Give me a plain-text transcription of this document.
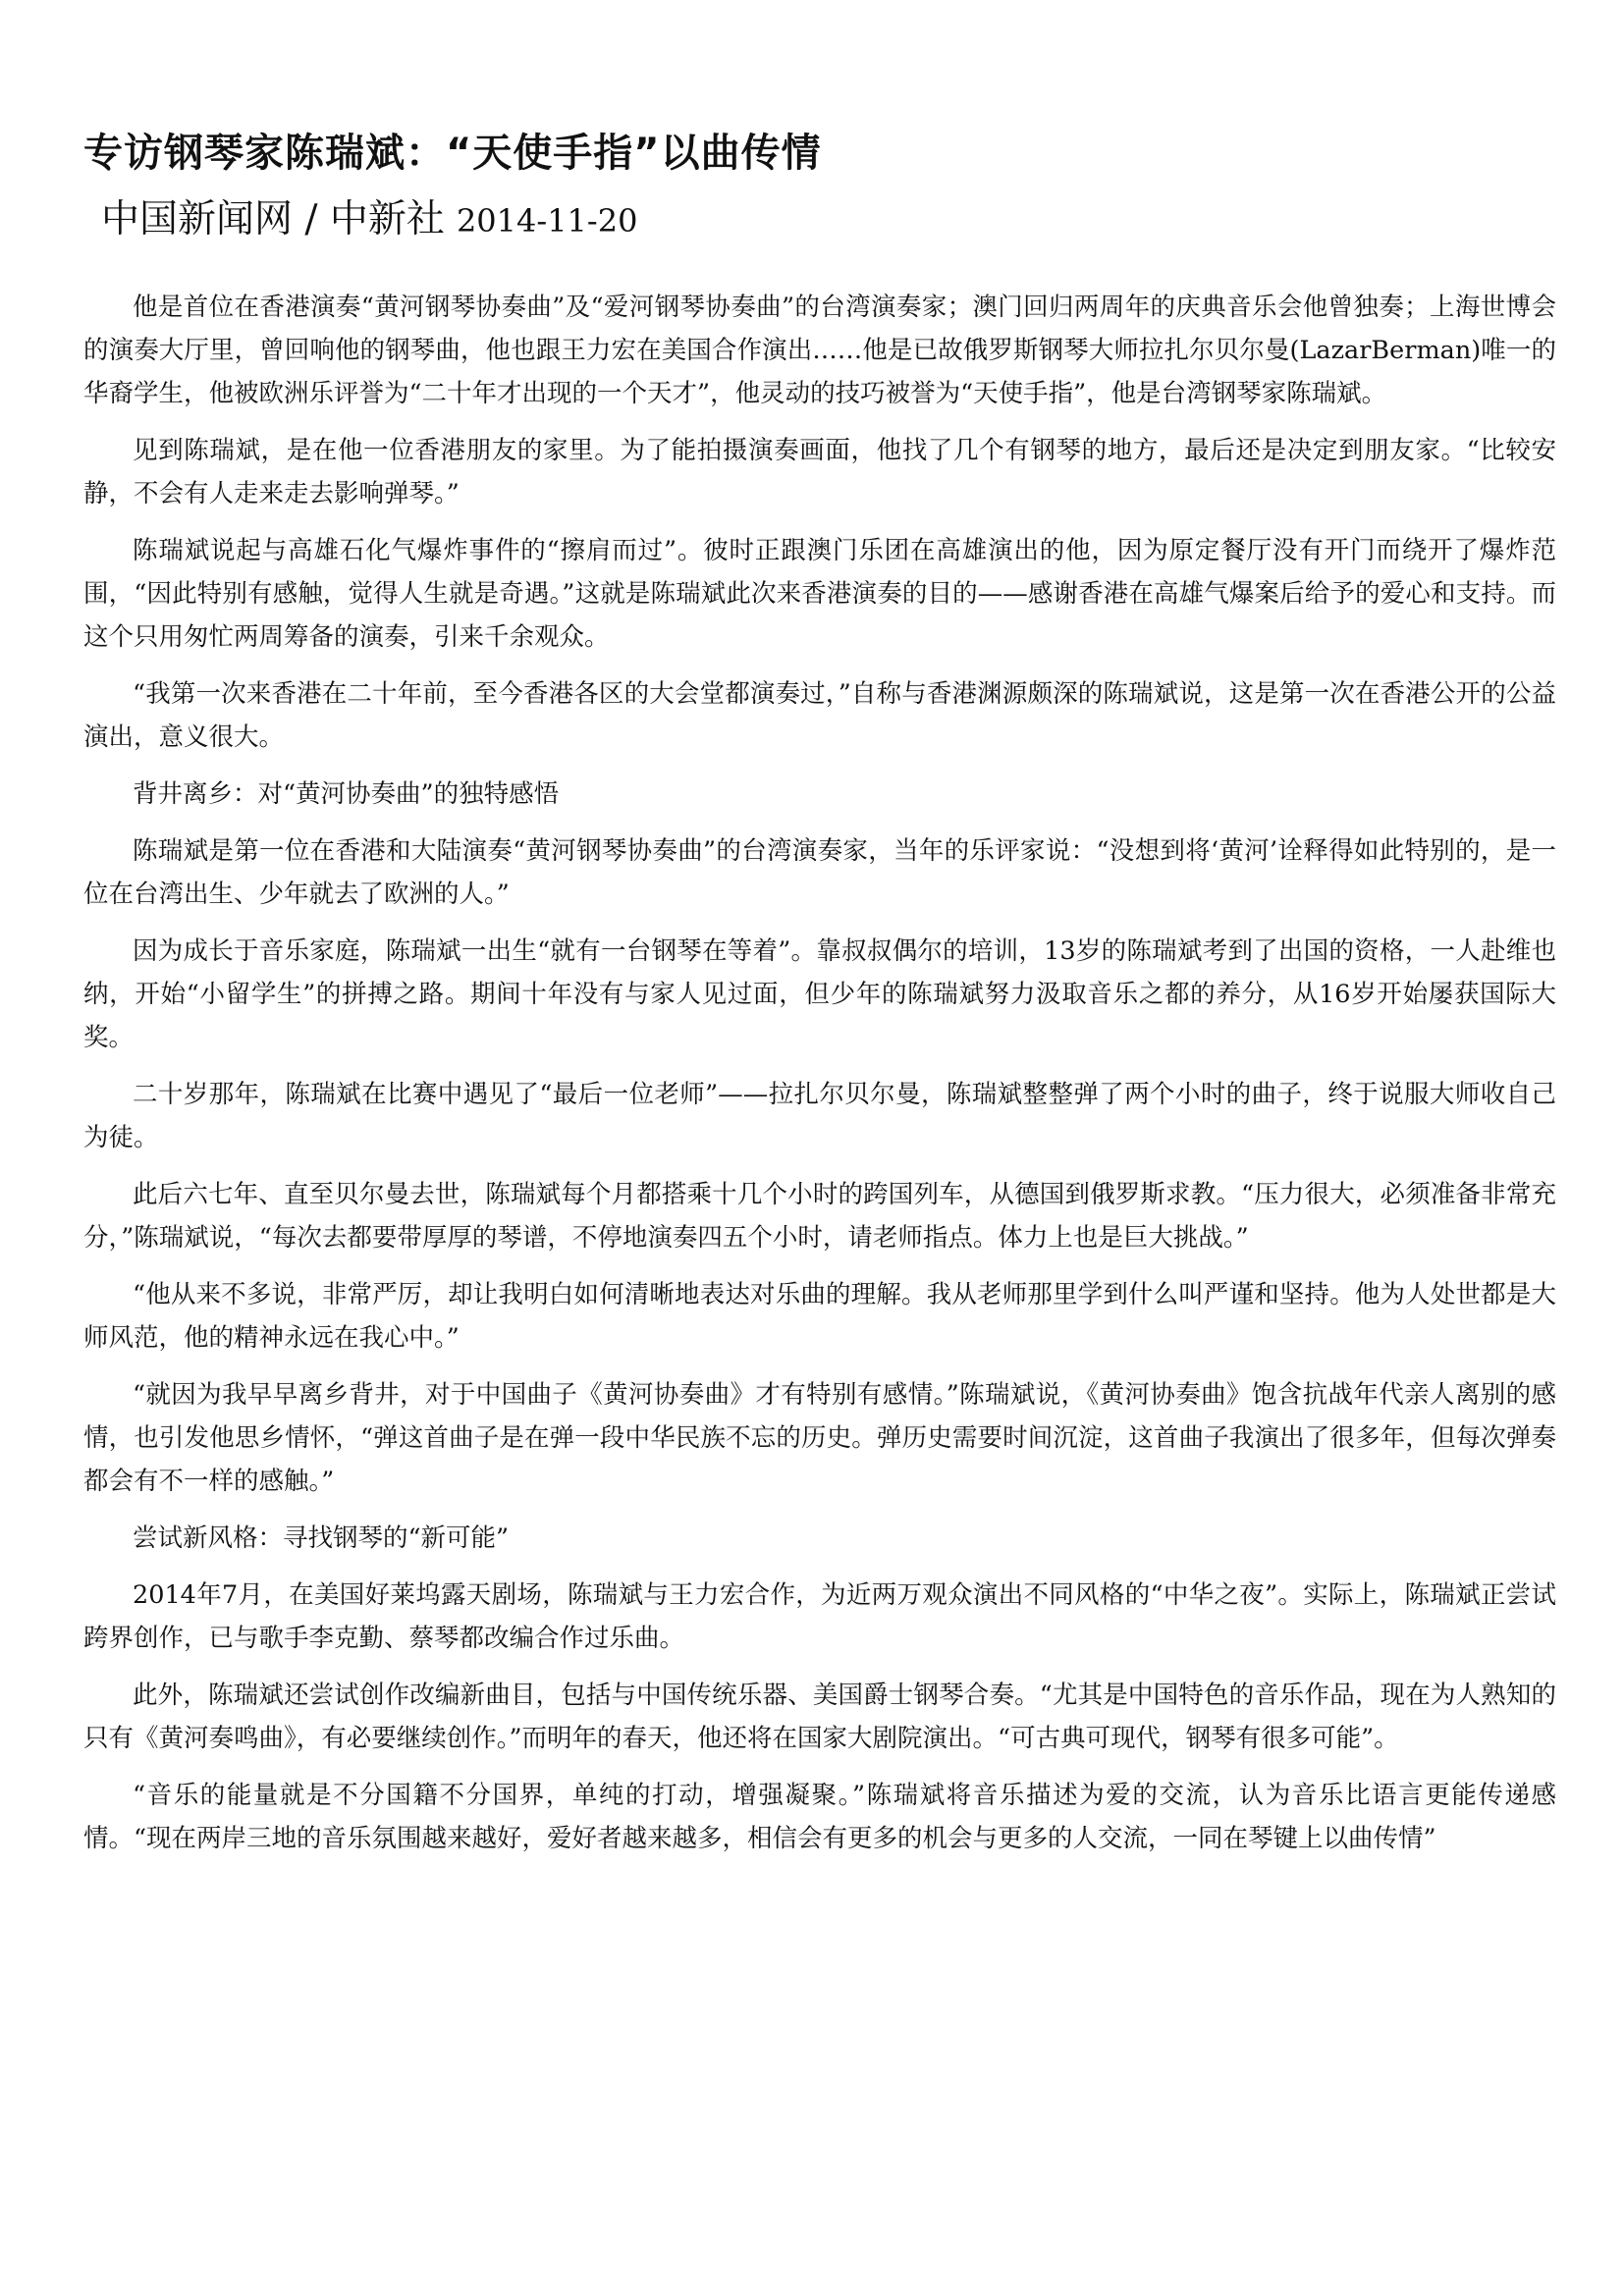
专访钢琴家陈瑞斌：“天使手指”以曲传情
中国新闻网 / 中新社 2014-11-20

他是首位在香港演奏“黄河钢琴协奏曲”及“爱河钢琴协奏曲”的台湾演奏家；澳门回归两周年的庆典音乐会他曾独奏；上海世博会的演奏大厅里，曾回响他的钢琴曲，他也跟王力宏在美国合作演出……他是已故俄罗斯钢琴大师拉扎尔贝尔曼(LazarBerman)唯一的华裔学生，他被欧洲乐评誉为“二十年才出现的一个天才”，他灵动的技巧被誉为“天使手指”，他是台湾钢琴家陈瑞斌。

见到陈瑞斌，是在他一位香港朋友的家里。为了能拍摄演奏画面，他找了几个有钢琴的地方，最后还是决定到朋友家。“比较安静，不会有人走来走去影响弹琴。”

陈瑞斌说起与高雄石化气爆炸事件的“擦肩而过”。彼时正跟澳门乐团在高雄演出的他，因为原定餐厅没有开门而绕开了爆炸范围，“因此特别有感触，觉得人生就是奇遇。”这就是陈瑞斌此次来香港演奏的目的——感谢香港在高雄气爆案后给予的爱心和支持。而这个只用匆忙两周筹备的演奏，引来千余观众。

“我第一次来香港在二十年前，至今香港各区的大会堂都演奏过，”自称与香港渊源颇深的陈瑞斌说，这是第一次在香港公开的公益演出，意义很大。

背井离乡：对“黄河协奏曲”的独特感悟

陈瑞斌是第一位在香港和大陆演奏“黄河钢琴协奏曲”的台湾演奏家，当年的乐评家说：“没想到将‘黄河’诠释得如此特别的，是一位在台湾出生、少年就去了欧洲的人。”

因为成长于音乐家庭，陈瑞斌一出生“就有一台钢琴在等着”。靠叔叔偶尔的培训，13岁的陈瑞斌考到了出国的资格，一人赴维也纳，开始“小留学生”的拼搏之路。期间十年没有与家人见过面，但少年的陈瑞斌努力汲取音乐之都的养分，从16岁开始屡获国际大奖。

二十岁那年，陈瑞斌在比赛中遇见了“最后一位老师”——拉扎尔贝尔曼，陈瑞斌整整弹了两个小时的曲子，终于说服大师收自己为徒。

此后六七年、直至贝尔曼去世，陈瑞斌每个月都搭乘十几个小时的跨国列车，从德国到俄罗斯求教。“压力很大，必须准备非常充分，”陈瑞斌说，“每次去都要带厚厚的琴谱，不停地演奏四五个小时，请老师指点。体力上也是巨大挑战。”

“他从来不多说，非常严厉，却让我明白如何清晰地表达对乐曲的理解。我从老师那里学到什么叫严谨和坚持。他为人处世都是大师风范，他的精神永远在我心中。”

“就因为我早早离乡背井，对于中国曲子《黄河协奏曲》才有特别有感情。”陈瑞斌说，《黄河协奏曲》饱含抗战年代亲人离别的感情，也引发他思乡情怀，“弹这首曲子是在弹一段中华民族不忘的历史。弹历史需要时间沉淀，这首曲子我演出了很多年，但每次弹奏都会有不一样的感触。”

尝试新风格：寻找钢琴的“新可能”

2014年7月，在美国好莱坞露天剧场，陈瑞斌与王力宏合作，为近两万观众演出不同风格的“中华之夜”。实际上，陈瑞斌正尝试跨界创作，已与歌手李克勤、蔡琴都改编合作过乐曲。

此外，陈瑞斌还尝试创作改编新曲目，包括与中国传统乐器、美国爵士钢琴合奏。“尤其是中国特色的音乐作品，现在为人熟知的只有《黄河奏鸣曲》，有必要继续创作。”而明年的春天，他还将在国家大剧院演出。“可古典可现代，钢琴有很多可能”。

“音乐的能量就是不分国籍不分国界，单纯的打动，增强凝聚。”陈瑞斌将音乐描述为爱的交流，认为音乐比语言更能传递感情。“现在两岸三地的音乐氛围越来越好，爱好者越来越多，相信会有更多的机会与更多的人交流，一同在琴键上以曲传情”
